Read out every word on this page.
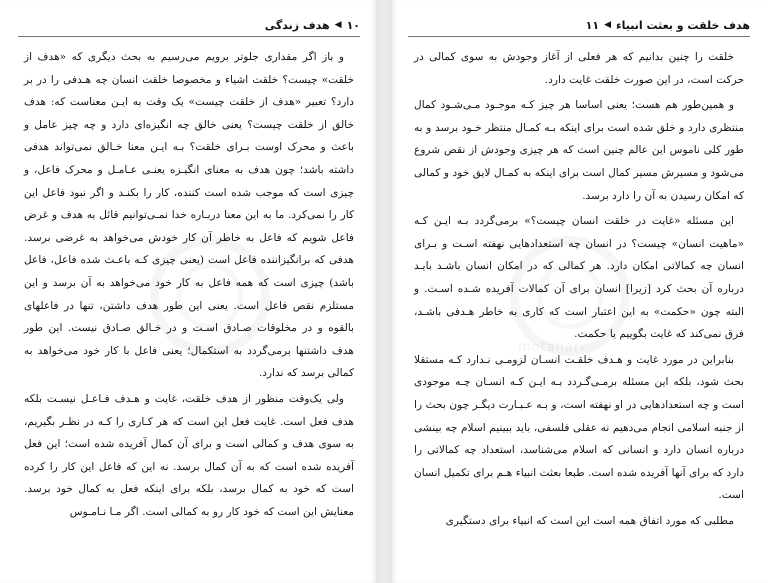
۱۰
◀
هدف زندگی

و باز اگر مقداری جلوتر برویم می‌رسیم به بحث دیگری که «هدف از خلقت» چیست؟ خلقت اشیاء و مخصوصا خلقت انسان چه هـدفی را در بر دارد؟ تعبیر «هدف از خلقت چیست» یک وقت به ایـن معناست که: هدف خالق از خلقت چیست؟ یعنی خالق چه انگیزه‌ای دارد و چه چیز عامل و باعث و محرک اوست بـرای خلقت؟ بـه ایـن معنا خـالق نمی‌تواند هدفی داشته باشد؛ چون هدف به معنای انگیـزه یعنـی عـامـل و محرک فاعل، و چیزی است که موجب شده است کننده، کار را بکنـد و اگر نبود فاعل این کار را نمی‌کرد. ما به این معنا دربـاره خدا نمـی‌توانیم قائل به هدف و غرض فاعل شویم که فاعل به خاطر آن کار خودش می‌خواهد به غرضی برسد. هدفی که برانگیزاننده فاعل است (یعنی چیزی کـه باعـث شده فاعل، فاعل باشد) چیزی است که همه فاعل به کار خود می‌خواهد به آن برسد و این مستلزم نقص فاعل است. یعنی این طور هدف داشتن، تنها در فاعلهای بالقوه و در مخلوقات صـادق اسـت و در خـالق صـادق نیست. این طور هدف داشتنها برمی‌گردد به استکمال؛ یعنی فاعل با کار خود می‌خواهد به کمالی برسد که ندارد.

ولی یک‌وقت منظور از هدف خلقت، غایت و هـدف فـاعـل نیسـت بلکه هدف فعل است. غایت فعل این است که هر کـاری را کـه در نظـر بگیریم، به سوی هدف و کمالی است و برای آن کمال آفریده شده است؛ این فعل آفریده شده است که به آن کمال برسد. نه این که فاعل این کار را کرده است که خود به کمال برسد، بلکه برای اینکه فعل به کمال خود برسد. معنایش این است که خود کار رو به کمالی است. اگر مـا نـامـوس

هدف خلقت و بعثت انبیاء
◀
۱۱
motahari

خلقت را چنین بدانیم که هر فعلی از آغاز وجودش به سوی کمالی در حرکت است، در این صورت خلقت غایت دارد.

و همین‌طور هم هست؛ یعنی اساسا هر چیز کـه موجـود مـی‌شـود کمال منتظری دارد و خلق شده است برای اینکه بـه کمـال منتظر خـود برسد و به طور کلی ناموس این عالم چنین است که هر چیزی وجودش از نقص شروع می‌شود و مسیرش مسیر کمال است برای اینکه به کمـال لایق خود و کمالی که امکان رسیدن به آن را دارد برسد.

این مسئله «غایت در خلقت انسان چیست؟» برمی‌گردد بـه ایـن کـه «ماهیت انسان» چیست؟ در انسان چه استعدادهایی نهفته اسـت و بـرای انسان چه کمالاتی امکان دارد. هر کمالی که در امکان انسان باشـد بایـد درباره آن بحث کرد [زیرا] انسان برای آن کمالات آفریده شـده اسـت. و البته چون «حکمت» به این اعتبار است که کاری به خاطر هـدفی باشـد، فرق نمی‌کند که غایت بگوییم یا حکمت.

بنابراین در مورد غایت و هـدف خلقـت انسـان لزومـی نـدارد کـه مستقلا بحث شود، بلکه این مسئله برمـی‌گـردد بـه ایـن کـه انسـان چـه موجودی است و چه استعدادهایی در او نهفته است، و بـه عـبـارت دیگـر چون بحث را از جنبه اسلامی انجام می‌دهیم نه عقلی فلسفی، باید ببینیم اسلام چه بینشی درباره انسان دارد و انسانی که اسلام می‌شناسد، استعداد چه کمالاتی را دارد که برای آنها آفریده شده است. طبعا بعثت انبیاء هـم برای تکمیل انسان است.

مطلبی که مورد اتفاق همه است این است که انبیاء برای دستگیری
